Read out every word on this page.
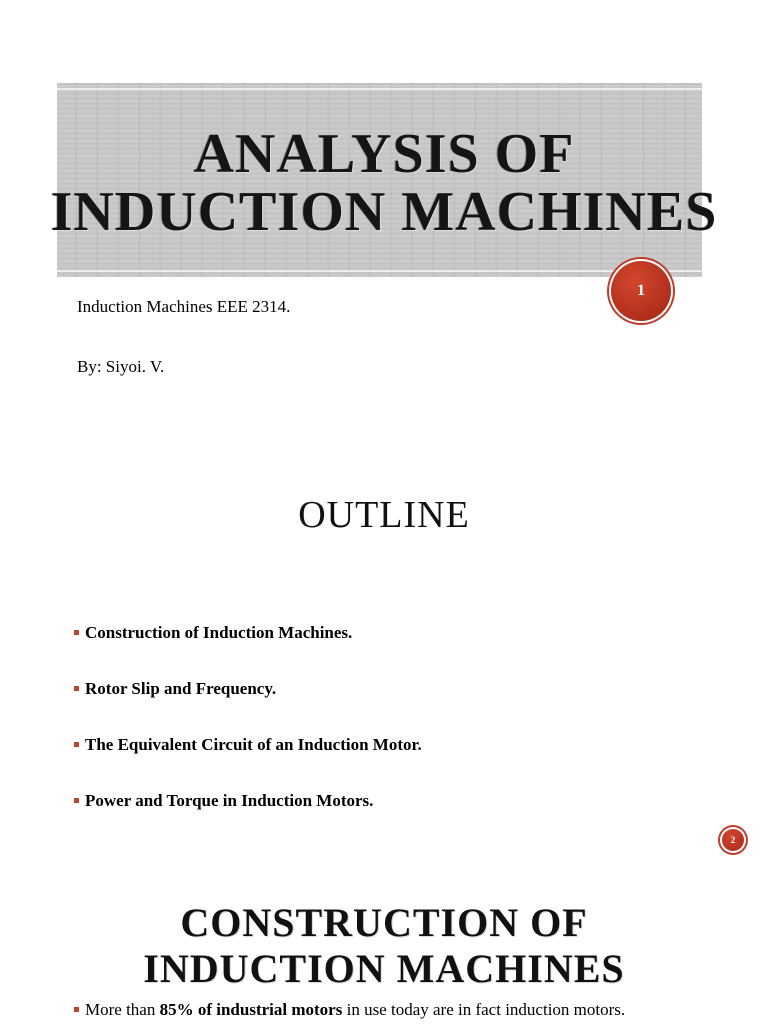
ANALYSIS OF
INDUCTION MACHINES
1
Induction Machines EEE 2314.
By: Siyoi. V.
OUTLINE
Construction of Induction Machines.
Rotor Slip and Frequency.
The Equivalent Circuit of an Induction Motor.
Power and Torque in Induction Motors.
2
CONSTRUCTION OF
INDUCTION MACHINES
More than 85% of industrial motors in use today are in fact induction motors.
